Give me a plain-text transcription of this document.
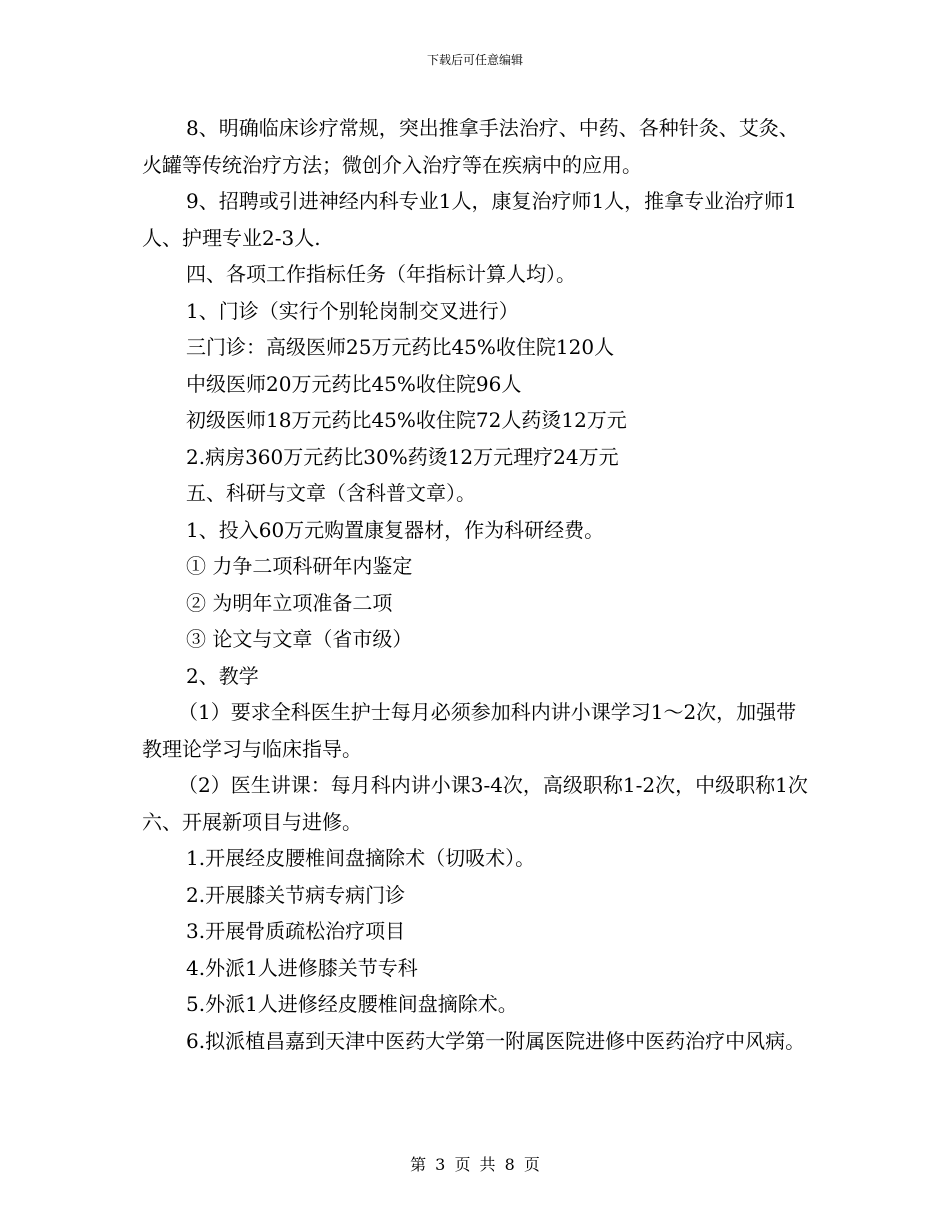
下载后可任意编辑

8、明确临床诊疗常规，突出推拿手法治疗、中药、各种针灸、艾灸、火罐等传统治疗方法；微创介入治疗等在疾病中的应用。

9、招聘或引进神经内科专业1人，康复治疗师1人，推拿专业治疗师1人、护理专业2-3人.

四、各项工作指标任务（年指标计算人均）。

1、门诊（实行个别轮岗制交叉进行）

三门诊：高级医师25万元药比45%收住院120人

中级医师20万元药比45%收住院96人

初级医师18万元药比45%收住院72人药烫12万元

2.病房360万元药比30%药烫12万元理疗24万元

五、科研与文章（含科普文章）。

1、投入60万元购置康复器材，作为科研经费。

① 力争二项科研年内鉴定

② 为明年立项准备二项

③ 论文与文章（省市级）

2、教学

（1）要求全科医生护士每月必须参加科内讲小课学习1～2次，加强带教理论学习与临床指导。

（2）医生讲课：每月科内讲小课3-4次，高级职称1-2次，中级职称1次六、开展新项目与进修。

1.开展经皮腰椎间盘摘除术（切吸术）。

2.开展膝关节病专病门诊

3.开展骨质疏松治疗项目

4.外派1人进修膝关节专科

5.外派1人进修经皮腰椎间盘摘除术。

6.拟派植昌嘉到天津中医药大学第一附属医院进修中医药治疗中风病。

第 3 页 共 8 页
